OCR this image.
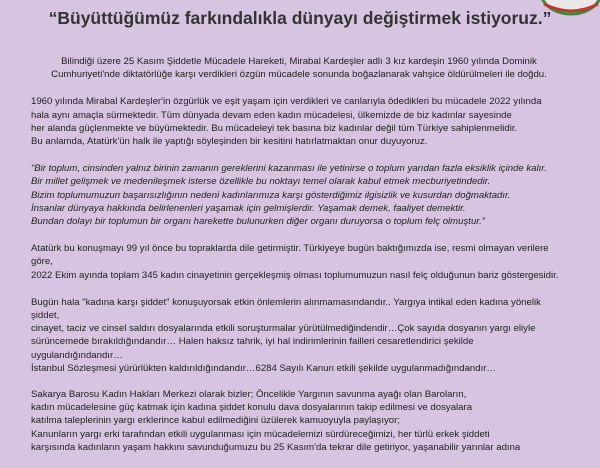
“Büyüttüğümüz farkındalıkla dünyayı değiştirmek istiyoruz.”

Bilindiği üzere 25 Kasım Şiddetle Mücadele Hareketi, Mirabal Kardeşler adlı 3 kız kardeşin 1960 yılında Dominik
Cumhuriyeti'nde diktatörlüğe karşı verdikleri özgün mücadele sonunda boğazlanarak vahşice öldürülmeleri ile doğdu.

1960 yılında Mirabal Kardeşler'in özgürlük ve eşit yaşam için verdikleri ve canlarıyla ödedikleri bu mücadele 2022 yılında
hala aynı amaçla sürmektedir. Tüm dünyada devam eden kadın mücadelesi, ülkemizde de biz kadınlar sayesinde
her alanda güçlenmekte ve büyümektedir. Bu mücadeleyi tek basına biz kadınlar değil tüm Türkiye sahiplenmelidir.
Bu anlamda, Atatürk'ün halk ile yaptığı söyleşinden bir kesitini hatırlatmaktan onur duyuyoruz.

“Bir toplum, cinsinden yalnız birinin zamanın gereklerini kazanması ile yetinirse o toplum yarıdan fazla eksiklik içinde kalır.
Bir millet gelişmek ve medenileşmek isterse özellikle bu noktayı temel olarak kabul etmek mecburiyetindedir.
Bizim toplumumuzun başarısızlığının nedeni kadınlarımıza karşı gösterdiğimiz ilgisizlik ve kusurdan doğmaktadır.
İnsanlar dünyaya hakkında belirlenenleri yaşamak için gelmişlerdir. Yaşamak demek, faaliyet demektir.
Bundan dolayı bir toplumun bir organı harekette bulunurken diğer organı duruyorsa o toplum felç olmuştur.”

Atatürk bu konuşmayı 99 yıl önce bu topraklarda dile getirmiştir. Türkiyeye bugün baktığımızda ise, resmi olmayan verilere göre,
2022 Ekim ayında toplam 345 kadın cinayetinin gerçekleşmiş olması toplumumuzun nasıl felç olduğunun bariz göstergesidir.

Bugün hala "kadına karşı şiddet" konuşuyorsak etkin önlemlerin alınmamasındandır.. Yargıya intikal eden kadına yönelik şiddet,
cinayet, taciz ve cinsel saldırı dosyalarında etkili soruşturmalar yürütülmediğindendir…Çok sayıda dosyanın yargı eliyle
sürüncemede bırakıldığındandır… Halen haksız tahrik, iyi hal indirimlerinin failleri cesaretlendirici şekilde uygulandığındandır…
İstanbul Sözleşmesi yürürlükten kaldırıldığındandır…6284 Sayılı Kanun etkili şekilde uygulanmadığındandır…

Sakarya Barosu Kadın Hakları Merkezi olarak bizler; Öncelikle Yargının savunma ayağı olan Baroların,
kadın mücadelesine güç katmak için kadına şiddet konulu dava dosyalarının takip edilmesi ve dosyalara
katılma taleplerinin yargı erklerince kabul edilmediğini üzülerek kamuoyuyla paylaşıyor;
Kanunların yargı erki tarafından etkili uygulanması için mücadelemizi sürdüreceğimizi, her türlü erkek şiddeti
karşısında kadınların yaşam hakkını savunduğumuzu bu 25 Kasım'da tekrar dile getiriyor, yaşanabilir yarınlar adına
